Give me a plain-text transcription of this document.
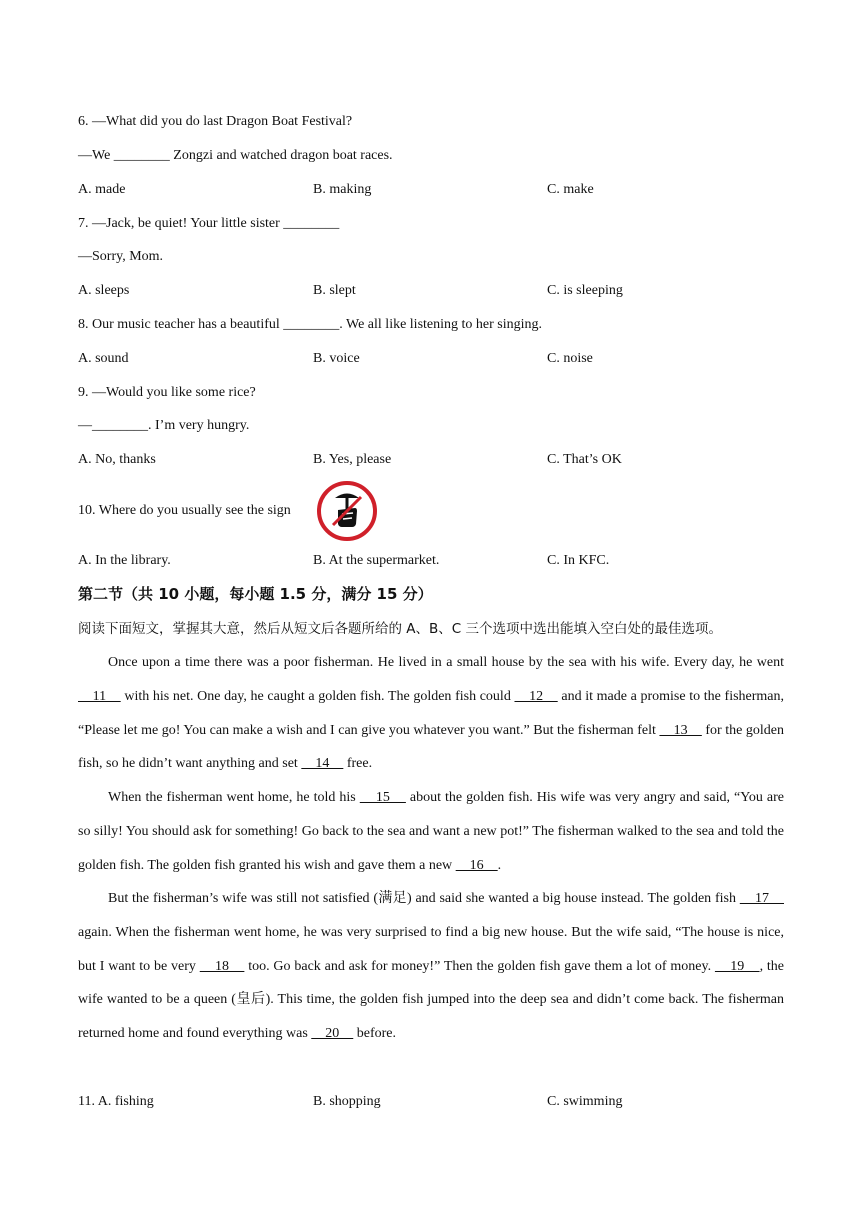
6. —What did you do last Dragon Boat Festival?
—We ________ Zongzi and watched dragon boat races.
A. made	B. making	C. make
7. —Jack, be quiet! Your little sister ________
—Sorry, Mom.
A. sleeps	B. slept	C. is sleeping
8. Our music teacher has a beautiful ________. We all like listening to her singing.
A. sound	B. voice	C. noise
9. —Would you like some rice?
—________. I’m very hungry.
A. No, thanks	B. Yes, please	C. That’s OK
10. Where do you usually see the sign
A. In the library.	B. At the supermarket.	C. In KFC.
第二节（共 10 小题，每小题 1.5 分，满分 15 分）
阅读下面短文，掌握其大意，然后从短文后各题所给的 A、B、C 三个选项中选出能填入空白处的最佳选项。

Once upon a time there was a poor fisherman. He lived in a small house by the sea with his wife. Every day, he went     11     with his net. One day, he caught a golden fish. The golden fish could     12     and it made a promise to the fisherman, “Please let me go! You can make a wish and I can give you whatever you want.” But the fisherman felt     13     for the golden fish, so he didn’t want anything and set     14     free.

When the fisherman went home, he told his     15     about the golden fish. His wife was very angry and said, “You are so silly! You should ask for something! Go back to the sea and want a new pot!” The fisherman walked to the sea and told the golden fish. The golden fish granted his wish and gave them a new     16    .

But the fisherman’s wife was still not satisfied (满足) and said she wanted a big house instead. The golden fish     17     again. When the fisherman went home, he was very surprised to find a big new house. But the wife said, “The house is nice, but I want to be very     18     too. Go back and ask for money!” Then the golden fish gave them a lot of money.     19    , the wife wanted to be a queen (皇后). This time, the golden fish jumped into the deep sea and didn’t come back. The fisherman returned home and found everything was     20     before.

11. A. fishing	B. shopping	C. swimming
